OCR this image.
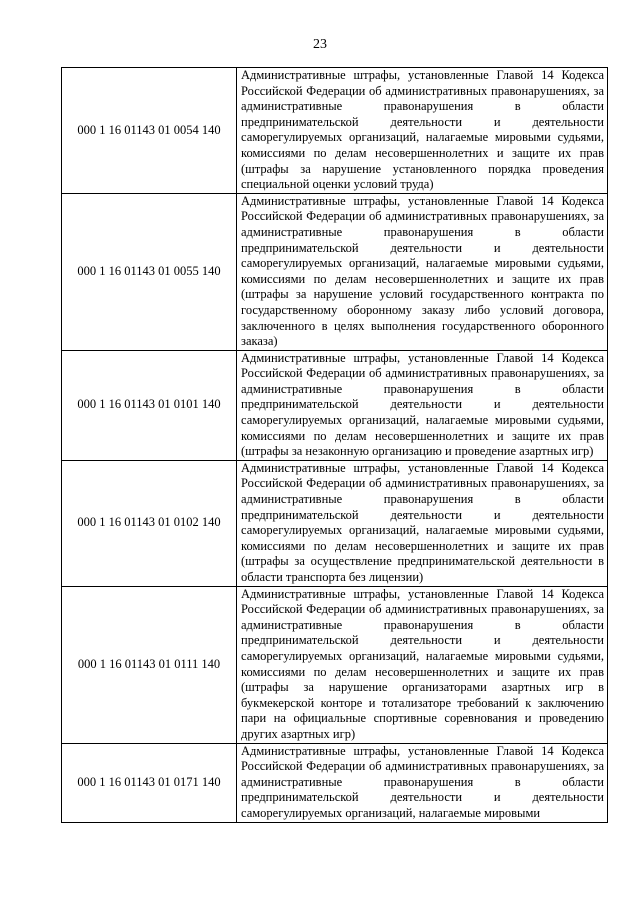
23
000 1 16 01143 01 0054 140	Административные штрафы, установленные Главой 14 Кодекса Российской Федерации об административных правонарушениях, за административные правонарушения в области предпринимательской деятельности и деятельности саморегулируемых организаций, налагаемые мировыми судьями, комиссиями по делам несовершеннолетних и защите их прав (штрафы за нарушение установленного порядка проведения специальной оценки условий труда)
000 1 16 01143 01 0055 140	Административные штрафы, установленные Главой 14 Кодекса Российской Федерации об административных правонарушениях, за административные правонарушения в области предпринимательской деятельности и деятельности саморегулируемых организаций, налагаемые мировыми судьями, комиссиями по делам несовершеннолетних и защите их прав (штрафы за нарушение условий государственного контракта по государственному оборонному заказу либо условий договора, заключенного в целях выполнения государственного оборонного заказа)
000 1 16 01143 01 0101 140	Административные штрафы, установленные Главой 14 Кодекса Российской Федерации об административных правонарушениях, за административные правонарушения в области предпринимательской деятельности и деятельности саморегулируемых организаций, налагаемые мировыми судьями, комиссиями по делам несовершеннолетних и защите их прав (штрафы за незаконную организацию и проведение азартных игр)
000 1 16 01143 01 0102 140	Административные штрафы, установленные Главой 14 Кодекса Российской Федерации об административных правонарушениях, за административные правонарушения в области предпринимательской деятельности и деятельности саморегулируемых организаций, налагаемые мировыми судьями, комиссиями по делам несовершеннолетних и защите их прав (штрафы за осуществление предпринимательской деятельности в области транспорта без лицензии)
000 1 16 01143 01 0111 140	Административные штрафы, установленные Главой 14 Кодекса Российской Федерации об административных правонарушениях, за административные правонарушения в области предпринимательской деятельности и деятельности саморегулируемых организаций, налагаемые мировыми судьями, комиссиями по делам несовершеннолетних и защите их прав (штрафы за нарушение организаторами азартных игр в букмекерской конторе и тотализаторе требований к заключению пари на официальные спортивные соревнования и проведению других азартных игр)
000 1 16 01143 01 0171 140	Административные штрафы, установленные Главой 14 Кодекса Российской Федерации об административных правонарушениях, за административные правонарушения в области предпринимательской деятельности и деятельности саморегулируемых организаций, налагаемые мировыми
